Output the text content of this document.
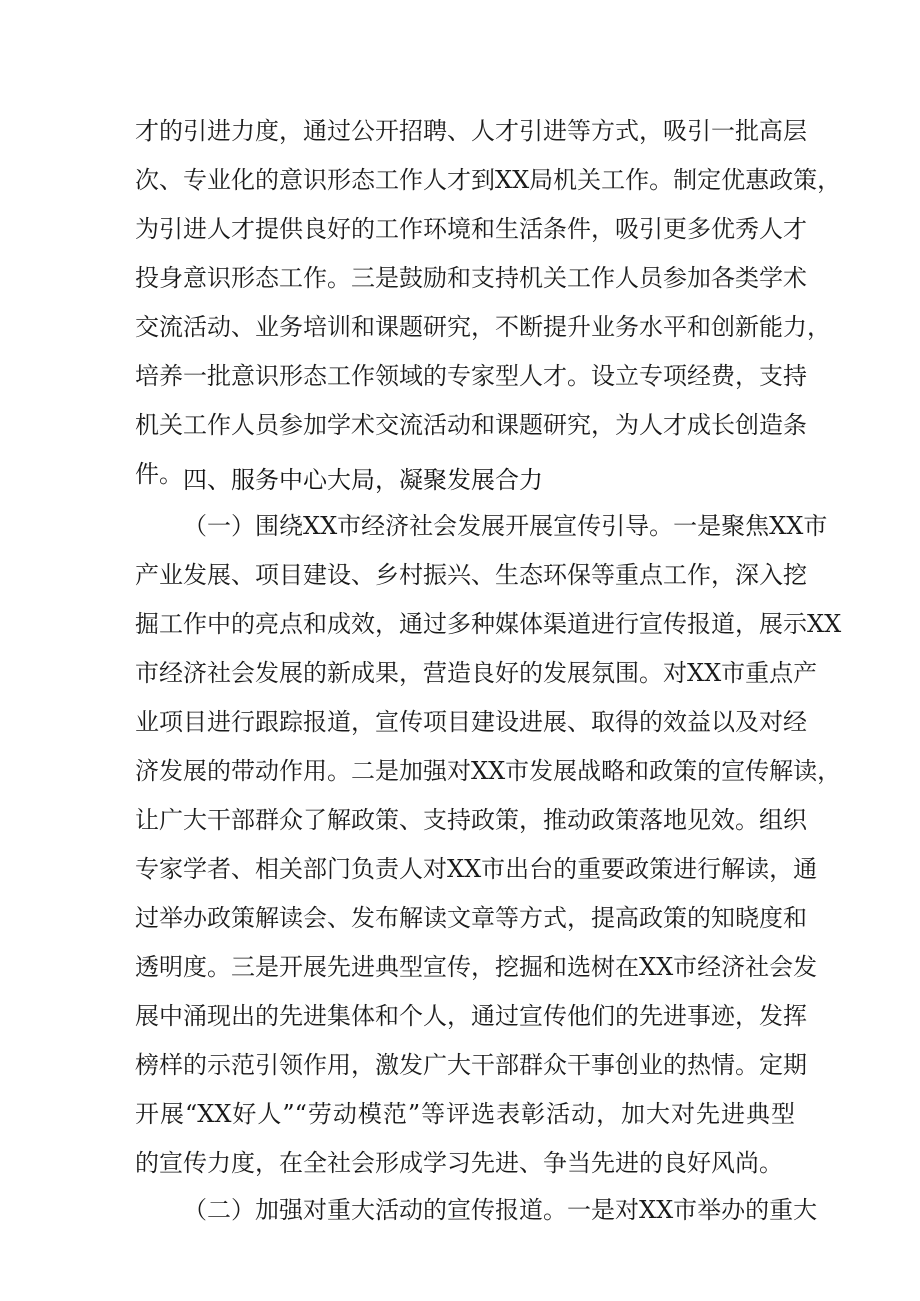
才的引进力度，通过公开招聘、人才引进等方式，吸引一批高层
次、专业化的意识形态工作人才到XX局机关工作。制定优惠政策，
为引进人才提供良好的工作环境和生活条件，吸引更多优秀人才
投身意识形态工作。三是鼓励和支持机关工作人员参加各类学术
交流活动、业务培训和课题研究，不断提升业务水平和创新能力，
培养一批意识形态工作领域的专家型人才。设立专项经费，支持
机关工作人员参加学术交流活动和课题研究，为人才成长创造条
件。 四、服务中心大局，凝聚发展合力
（一）围绕XX市经济社会发展开展宣传引导。一是聚焦XX市
产业发展、项目建设、乡村振兴、生态环保等重点工作，深入挖
掘工作中的亮点和成效，通过多种媒体渠道进行宣传报道，展示XX
市经济社会发展的新成果，营造良好的发展氛围。对XX市重点产
业项目进行跟踪报道，宣传项目建设进展、取得的效益以及对经
济发展的带动作用。二是加强对XX市发展战略和政策的宣传解读，
让广大干部群众了解政策、支持政策，推动政策落地见效。组织
专家学者、相关部门负责人对XX市出台的重要政策进行解读，通
过举办政策解读会、发布解读文章等方式，提高政策的知晓度和
透明度。三是开展先进典型宣传，挖掘和选树在XX市经济社会发
展中涌现出的先进集体和个人，通过宣传他们的先进事迹，发挥
榜样的示范引领作用，激发广大干部群众干事创业的热情。定期
开展“XX好人”“劳动模范”等评选表彰活动，加大对先进典型
的宣传力度，在全社会形成学习先进、争当先进的良好风尚。
（二）加强对重大活动的宣传报道。一是对XX市举办的重大
